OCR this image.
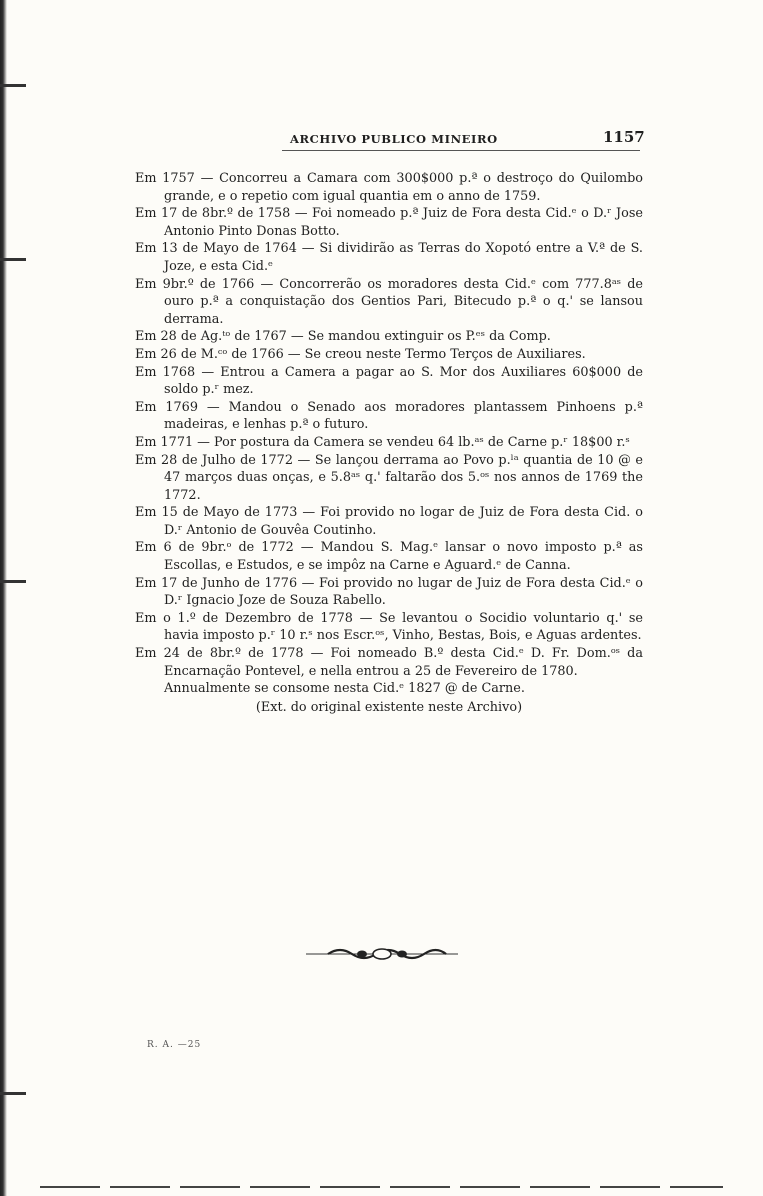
ARCHIVO PUBLICO MINEIRO	1157

Em 1757 — Concorreu a Camara com 300$000 p.ª o destroço do Quilombo grande, e o repetio com igual quantia em o anno de 1759.

Em 17 de 8br.º de 1758 — Foi nomeado p.ª Juiz de Fora desta Cid.ᵉ o D.ʳ Jose Antonio Pinto Donas Botto.

Em 13 de Mayo de 1764 — Si dividirão as Terras do Xopotó entre a V.ª de S. Joze, e esta Cid.ᵉ

Em 9br.º de 1766 — Concorrerão os moradores desta Cid.ᵉ com 777.8ᵃˢ de ouro p.ª a conquistação dos Gentios Pari, Bitecudo p.ª o q.' se lansou derrama.

Em 28 de Ag.ᵗᵒ de 1767 — Se mandou extinguir os P.ᵉˢ da Comp.

Em 26 de M.ᶜᵒ de 1766 — Se creou neste Termo Terços de Auxiliares.

Em 1768 — Entrou a Camera a pagar ao S. Mor dos Auxiliares 60$000 de soldo p.ʳ mez.

Em 1769 — Mandou o Senado aos moradores plantassem Pinhoens p.ª madeiras, e lenhas p.ª o futuro.

Em 1771 — Por postura da Camera se vendeu 64 lb.ᵃˢ de Carne p.ʳ 18$00 r.ˢ

Em 28 de Julho de 1772 — Se lançou derrama ao Povo p.ˡᵃ quantia de 10 @ e 47 marços duas onças, e 5.8ᵃˢ q.' faltarão dos 5.ᵒˢ nos annos de 1769 the 1772.

Em 15 de Mayo de 1773 — Foi provido no logar de Juiz de Fora desta Cid. o D.ʳ Antonio de Gouvêa Coutinho.

Em 6 de 9br.ᵒ de 1772 — Mandou S. Mag.ᵉ lansar o novo imposto p.ª as Escollas, e Estudos, e se impôz na Carne e Aguard.ᵉ de Canna.

Em 17 de Junho de 1776 — Foi provido no lugar de Juiz de Fora desta Cid.ᵉ o D.ʳ Ignacio Joze de Souza Rabello.

Em o 1.º de Dezembro de 1778 — Se levantou o Socidio voluntario q.' se havia imposto p.ʳ 10 r.ˢ nos Escr.ᵒˢ, Vinho, Bestas, Bois, e Aguas ardentes.

Em 24 de 8br.º de 1778 — Foi nomeado B.º desta Cid.ᵉ D. Fr. Dom.ᵒˢ da Encarnação Pontevel, e nella entrou a 25 de Fevereiro de 1780.

Annualmente se consome nesta Cid.ᵉ 1827 @ de Carne.

(Ext. do original existente neste Archivo)

R. A. —25
